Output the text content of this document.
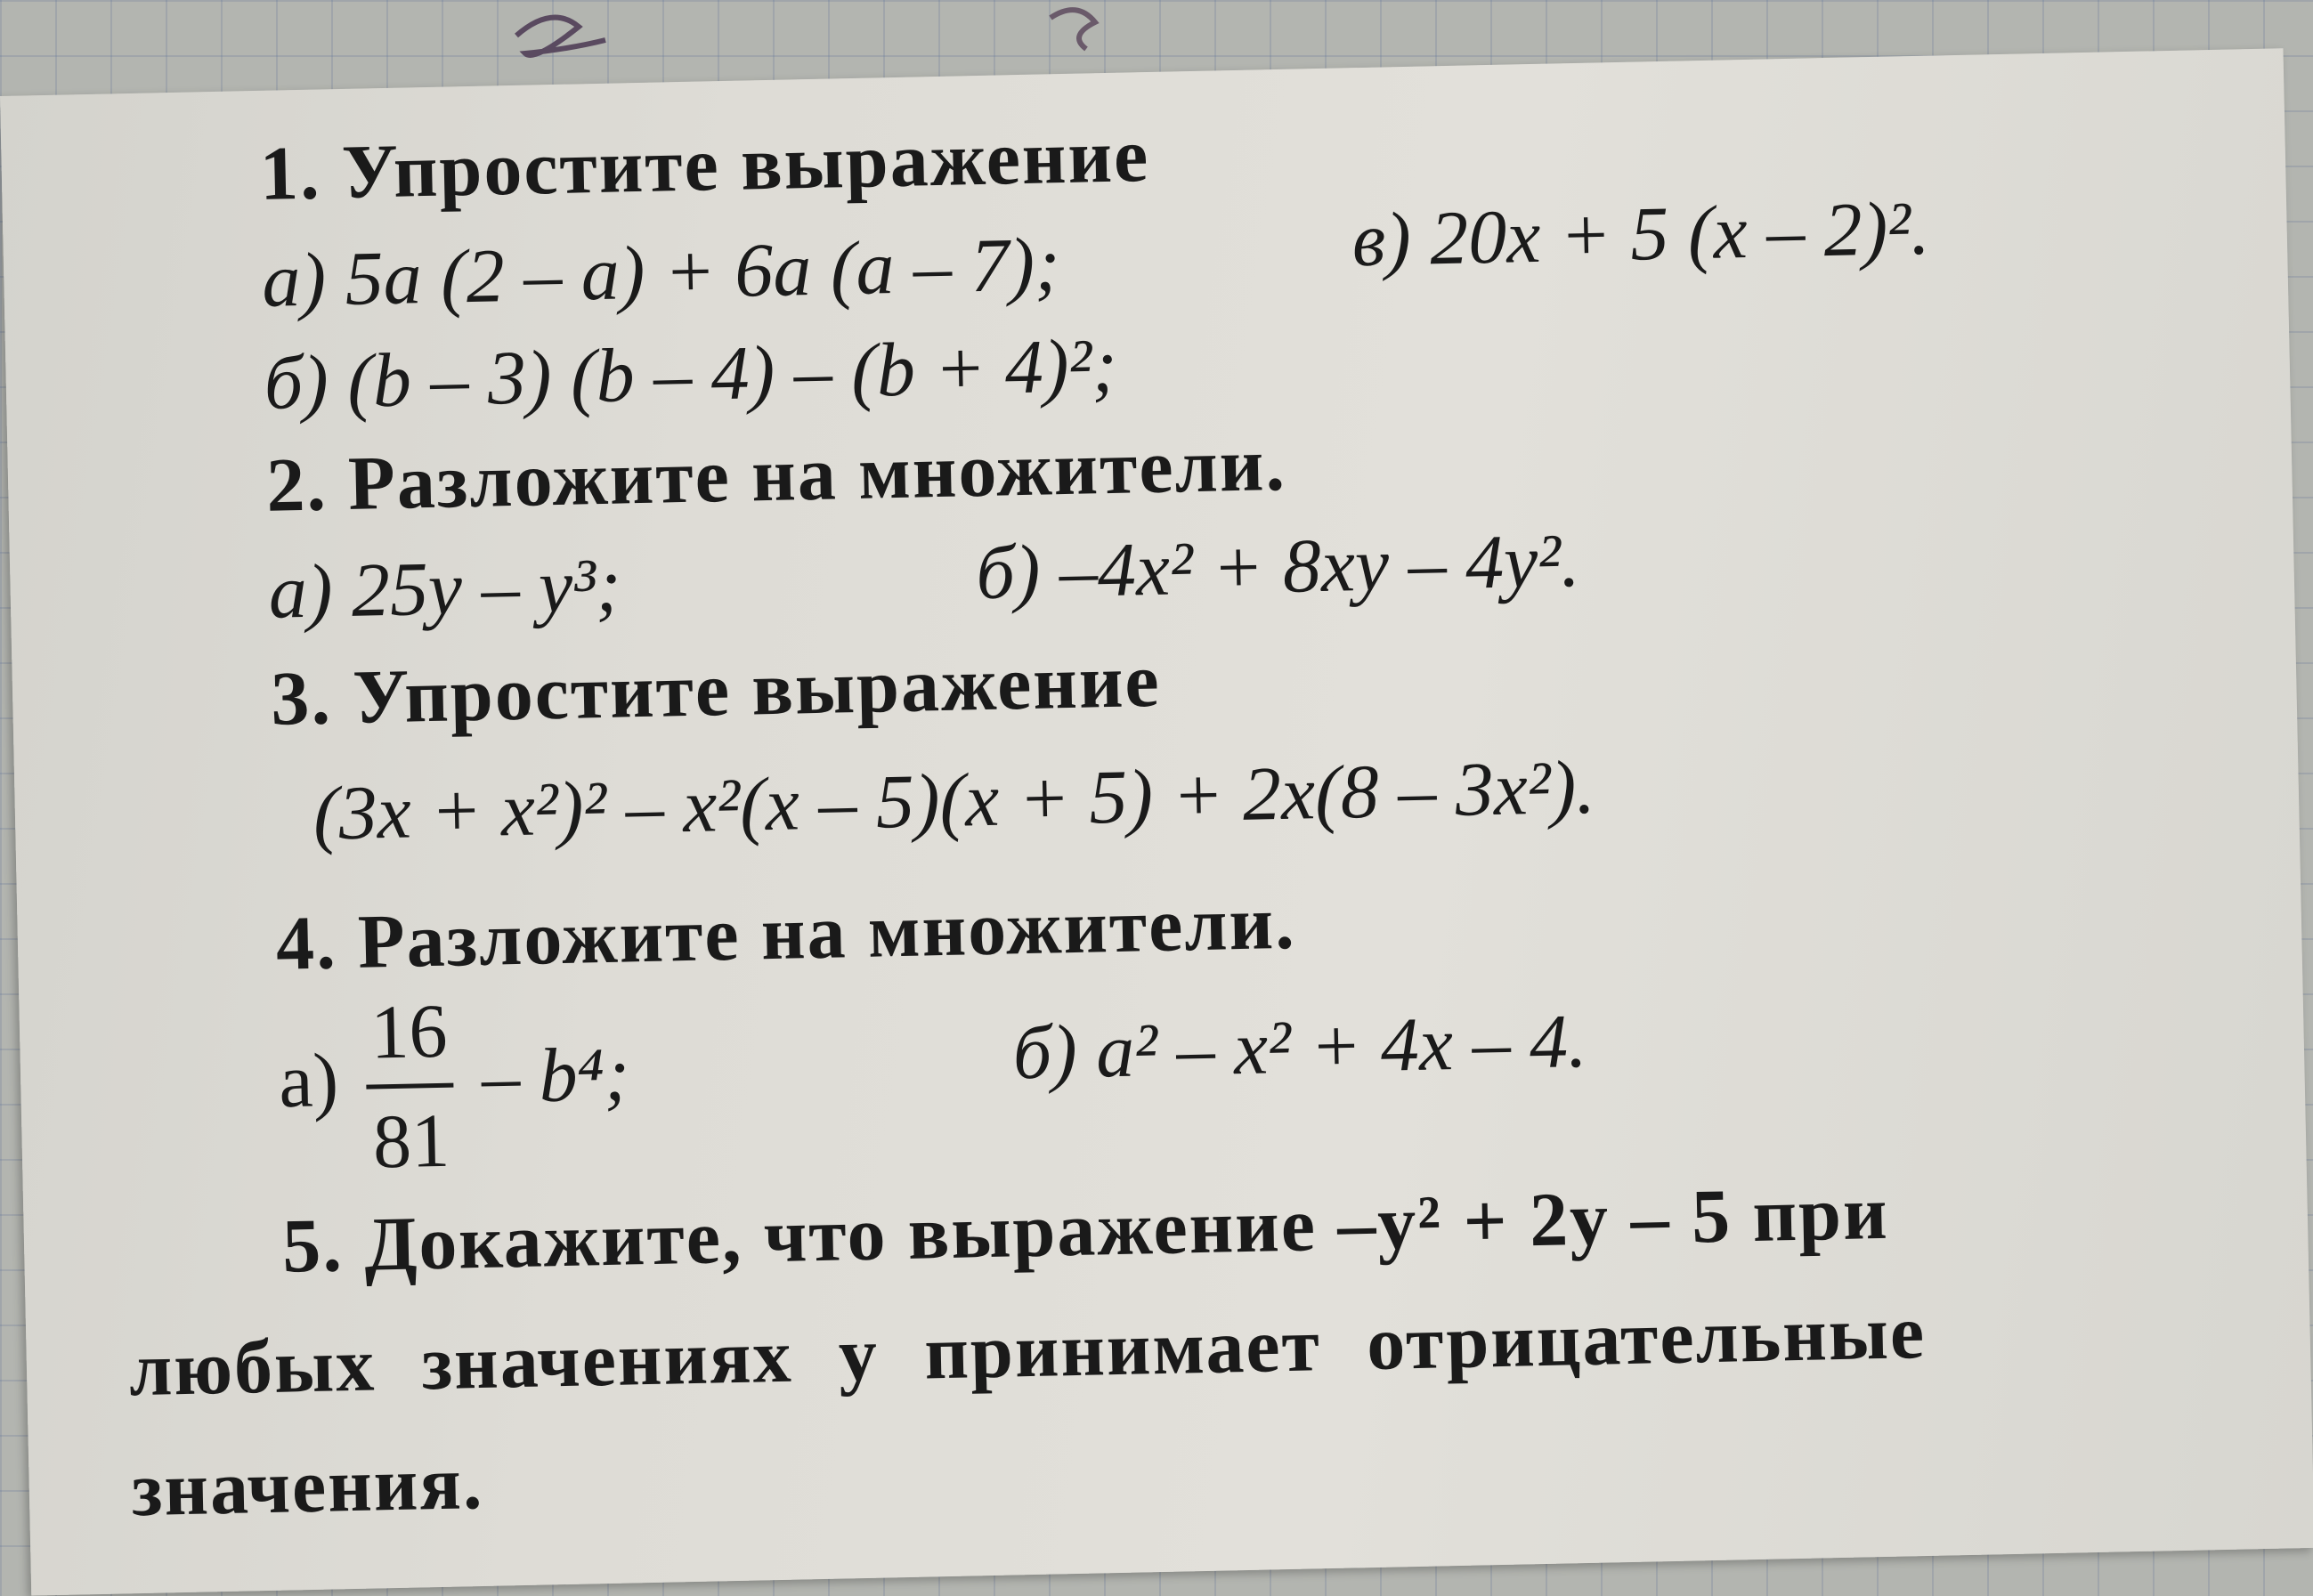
1. Упростите выражение
а) 5a (2 – a) + 6a (a – 7);	в) 20x + 5 (x – 2)².
б) (b – 3) (b – 4) – (b + 4)²;
2. Разложите на множители.
а) 25y – y³;	б) –4x² + 8xy – 4y².
3. Упростите выражение
(3x + x²)² – x²(x – 5)(x + 5) + 2x(8 – 3x²).
4. Разложите на множители.
$а) \frac{16}{81} - b^4$;	б) a² – x² + 4x – 4.
5. Докажите, что выражение –y² + 2y – 5 при
любых значениях y принимает отрицательные
значения.
